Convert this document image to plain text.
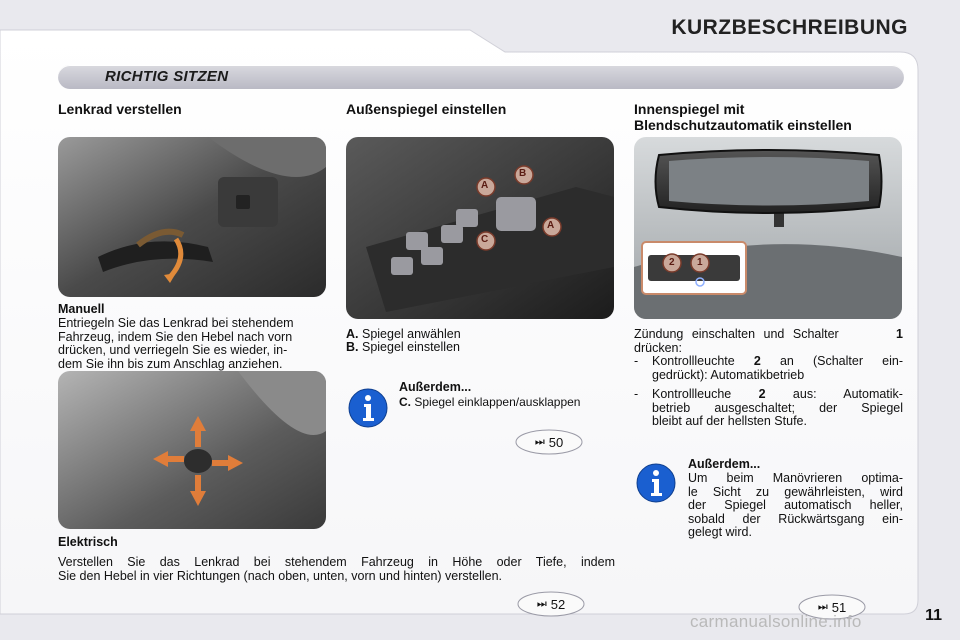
KURZBESCHREIBUNG
RICHTIG SITZEN
Lenkrad verstellen
Manuell
Entriegeln Sie das Lenkrad bei stehendem
Fahrzeug, indem Sie den Hebel nach vorn
drücken, und verriegeln Sie es wieder, in-
dem Sie ihn bis zum Anschlag anziehen.
Elektrisch
Verstellen Sie das Lenkrad bei stehendem Fahrzeug in Höhe oder Tiefe, indem
Sie den Hebel in vier Richtungen (nach oben, unten, vorn und hinten) verstellen.
Außenspiegel einstellen
A
B
C
A
A. Spiegel anwählen
B. Spiegel einstellen
Außerdem...
C. Spiegel einklappen/ausklappen
⏭ 50
Innenspiegel mit
Blendschutzautomatik einstellen
2 1
Zündung einschalten und Schalter	1
drücken:
-	Kontrollleuchte 2 an (Schalter ein-
gedrückt): Automatikbetrieb
-	Kontrollleuche 2 aus: Automatik-
betrieb ausgeschaltet; der Spiegel
bleibt auf der hellsten Stufe.
Außerdem...
Um beim Manövrieren optima-
le Sicht zu gewährleisten, wird
der Spiegel automatisch heller,
sobald der Rückwärtsgang ein-
gelegt wird.
⏭ 52	⏭ 51
carmanualsonline.info	11
